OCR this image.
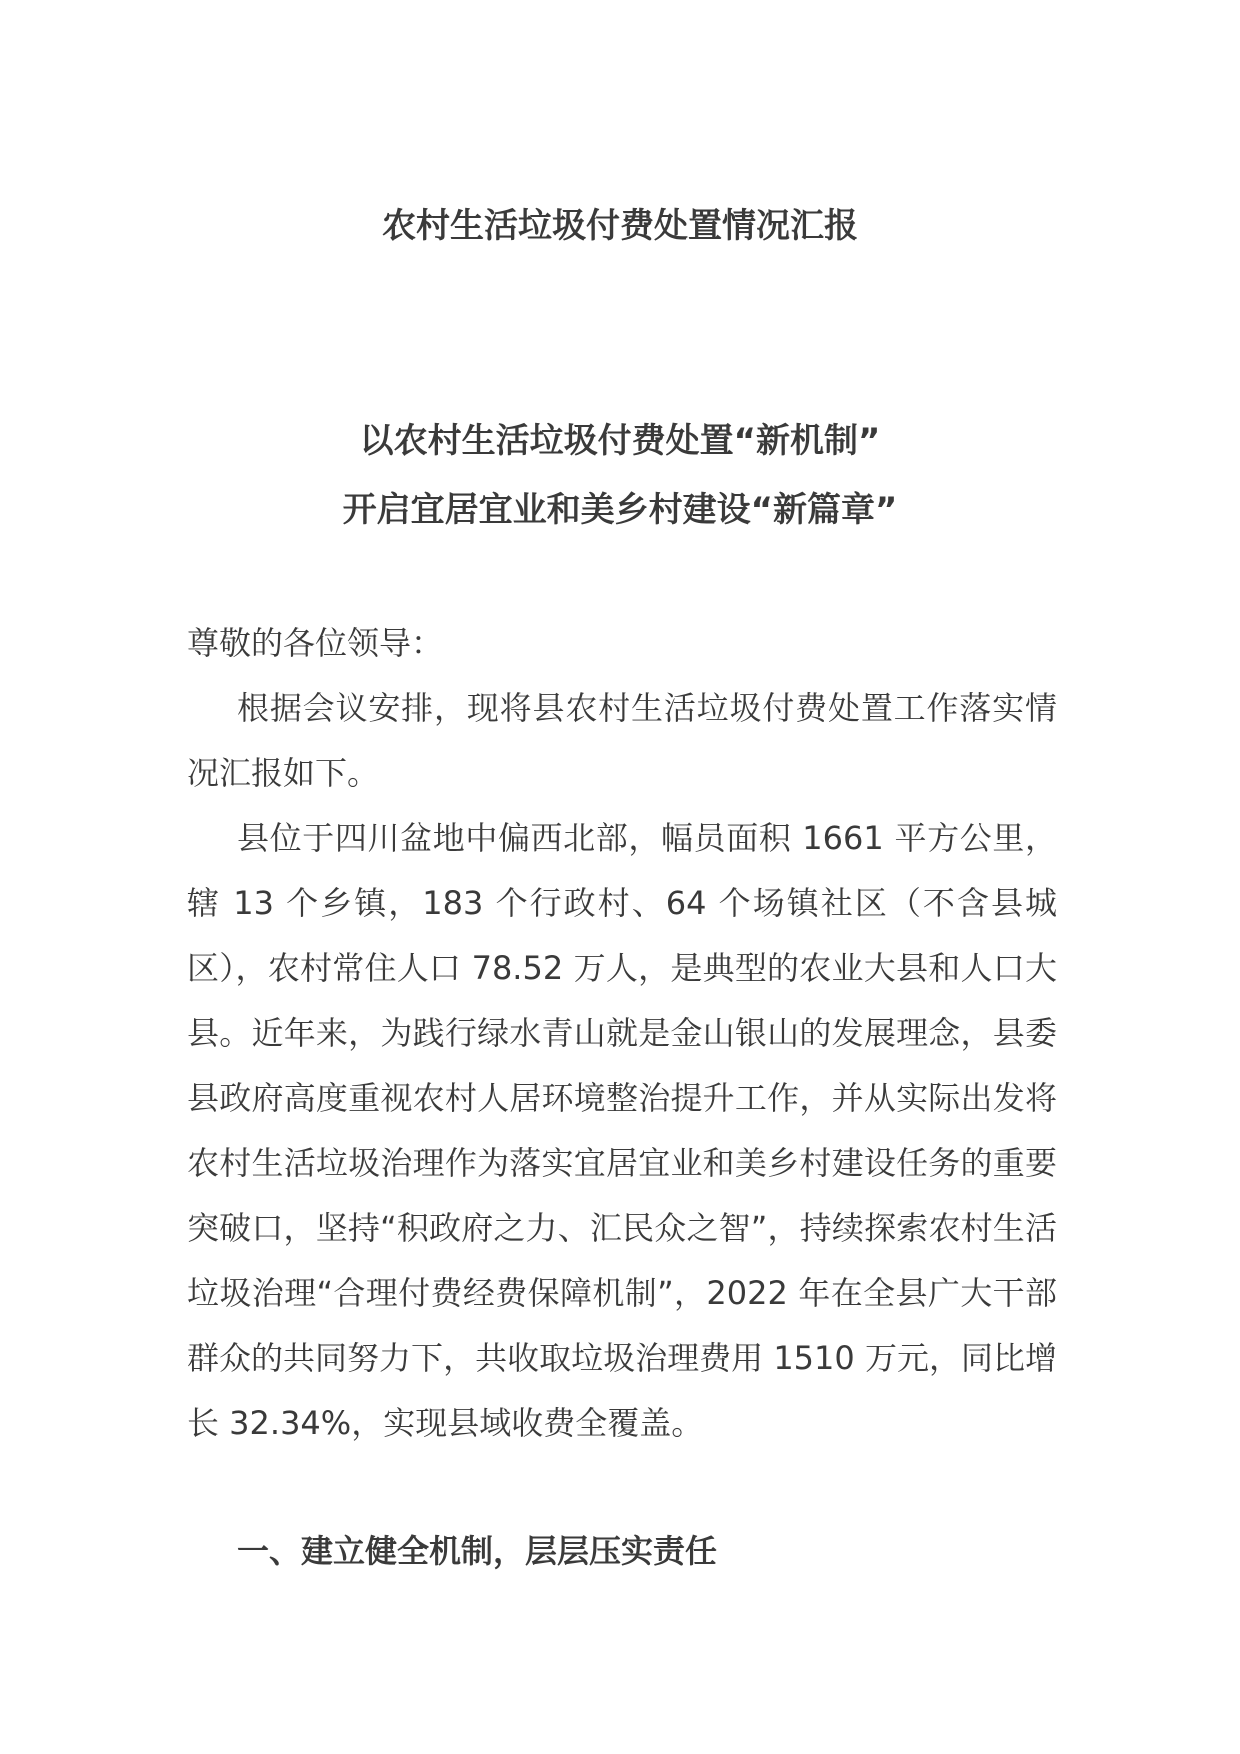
农村生活垃圾付费处置情况汇报
以农村生活垃圾付费处置“新机制”
开启宜居宜业和美乡村建设“新篇章”

尊敬的各位领导：

根据会议安排，现将县农村生活垃圾付费处置工作落实情况汇报如下。

县位于四川盆地中偏西北部，幅员面积 1661 平方公里，辖 13 个乡镇，183 个行政村、64 个场镇社区（不含县城区），农村常住人口 78.52 万人，是典型的农业大县和人口大县。近年来，为践行绿水青山就是金山银山的发展理念，县委县政府高度重视农村人居环境整治提升工作，并从实际出发将农村生活垃圾治理作为落实宜居宜业和美乡村建设任务的重要突破口，坚持“积政府之力、汇民众之智”，持续探索农村生活垃圾治理“合理付费经费保障机制”，2022 年在全县广大干部群众的共同努力下，共收取垃圾治理费用 1510 万元，同比增长 32.34%，实现县域收费全覆盖。

一、建立健全机制，层层压实责任
